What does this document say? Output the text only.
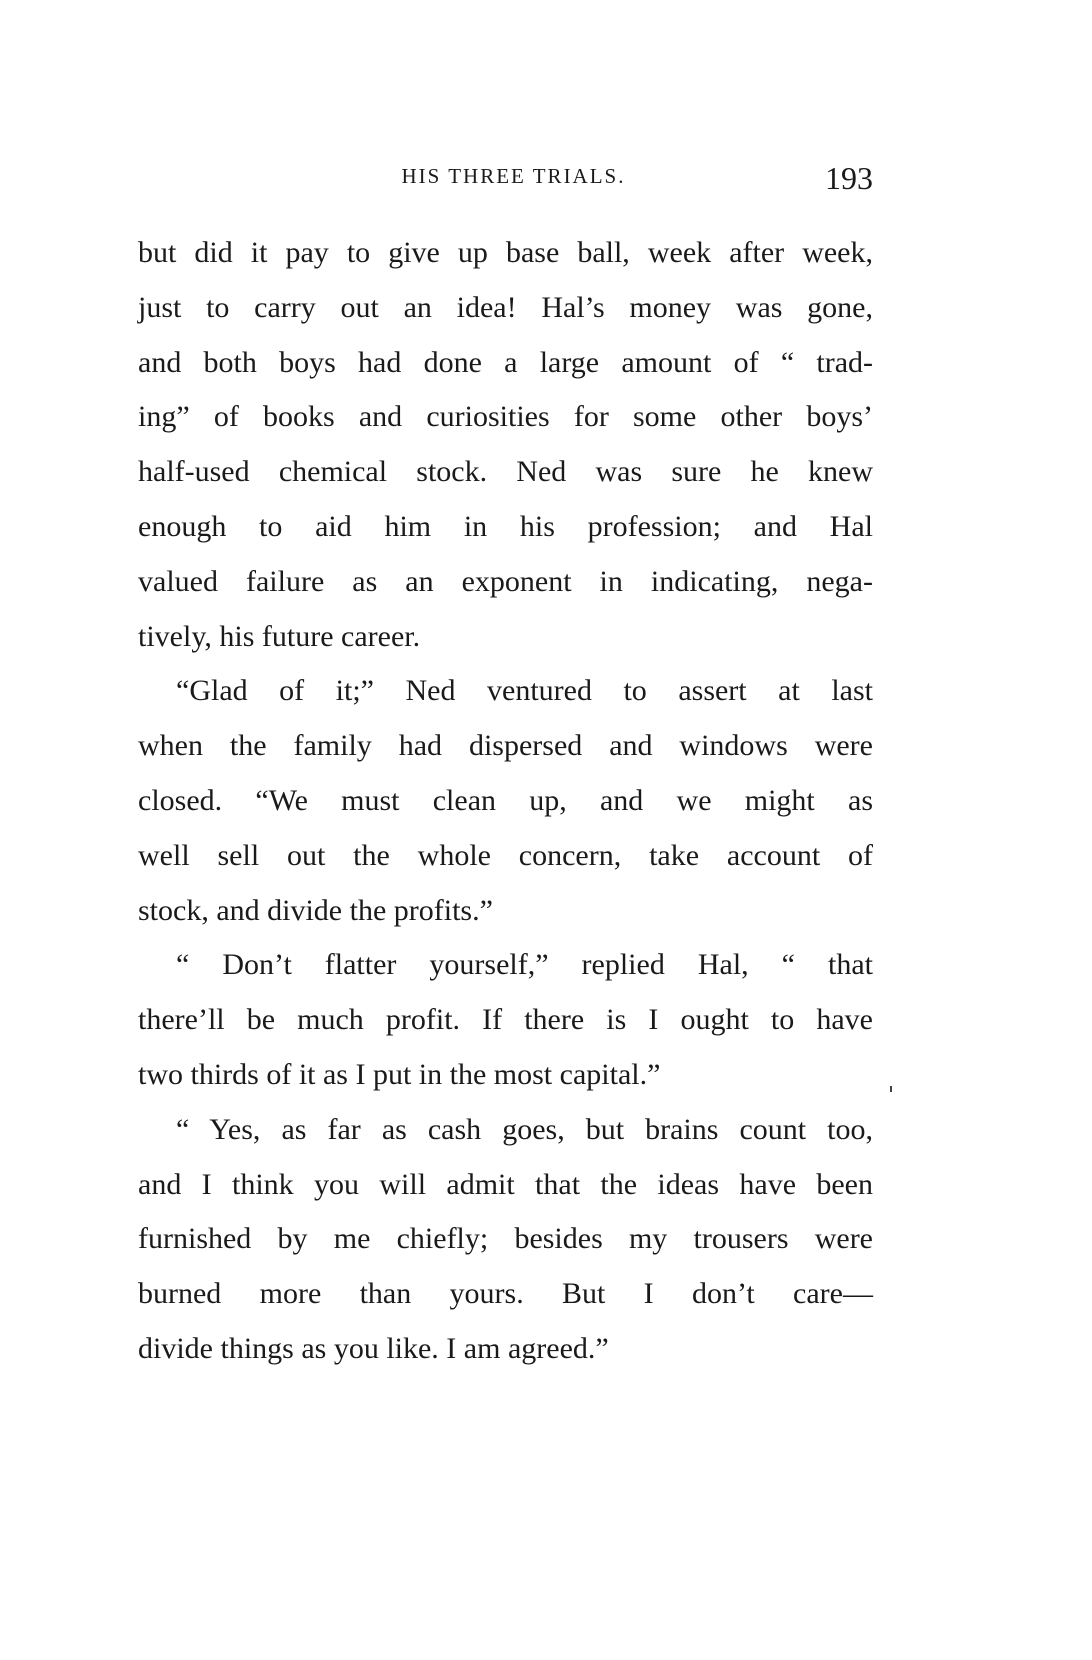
HIS THREE TRIALS.	193
but did it pay to give up base ball, week after week,
just to carry out an idea! Hal’s money was gone,
and both boys had done a large amount of “ trad-
ing” of books and curiosities for some other boys’
half-used chemical stock. Ned was sure he knew
enough to aid him in his profession; and Hal
valued failure as an exponent in indicating, nega-
tively, his future career.
“Glad of it;” Ned ventured to assert at last
when the family had dispersed and windows were
closed. “We must clean up, and we might as
well sell out the whole concern, take account of
stock, and divide the profits.”
“ Don’t flatter yourself,” replied Hal, “ that
there’ll be much profit. If there is I ought to have
two thirds of it as I put in the most capital.”
“ Yes, as far as cash goes, but brains count too,
and I think you will admit that the ideas have been
furnished by me chiefly; besides my trousers were
burned more than yours. But I don’t care—
divide things as you like. I am agreed.”
